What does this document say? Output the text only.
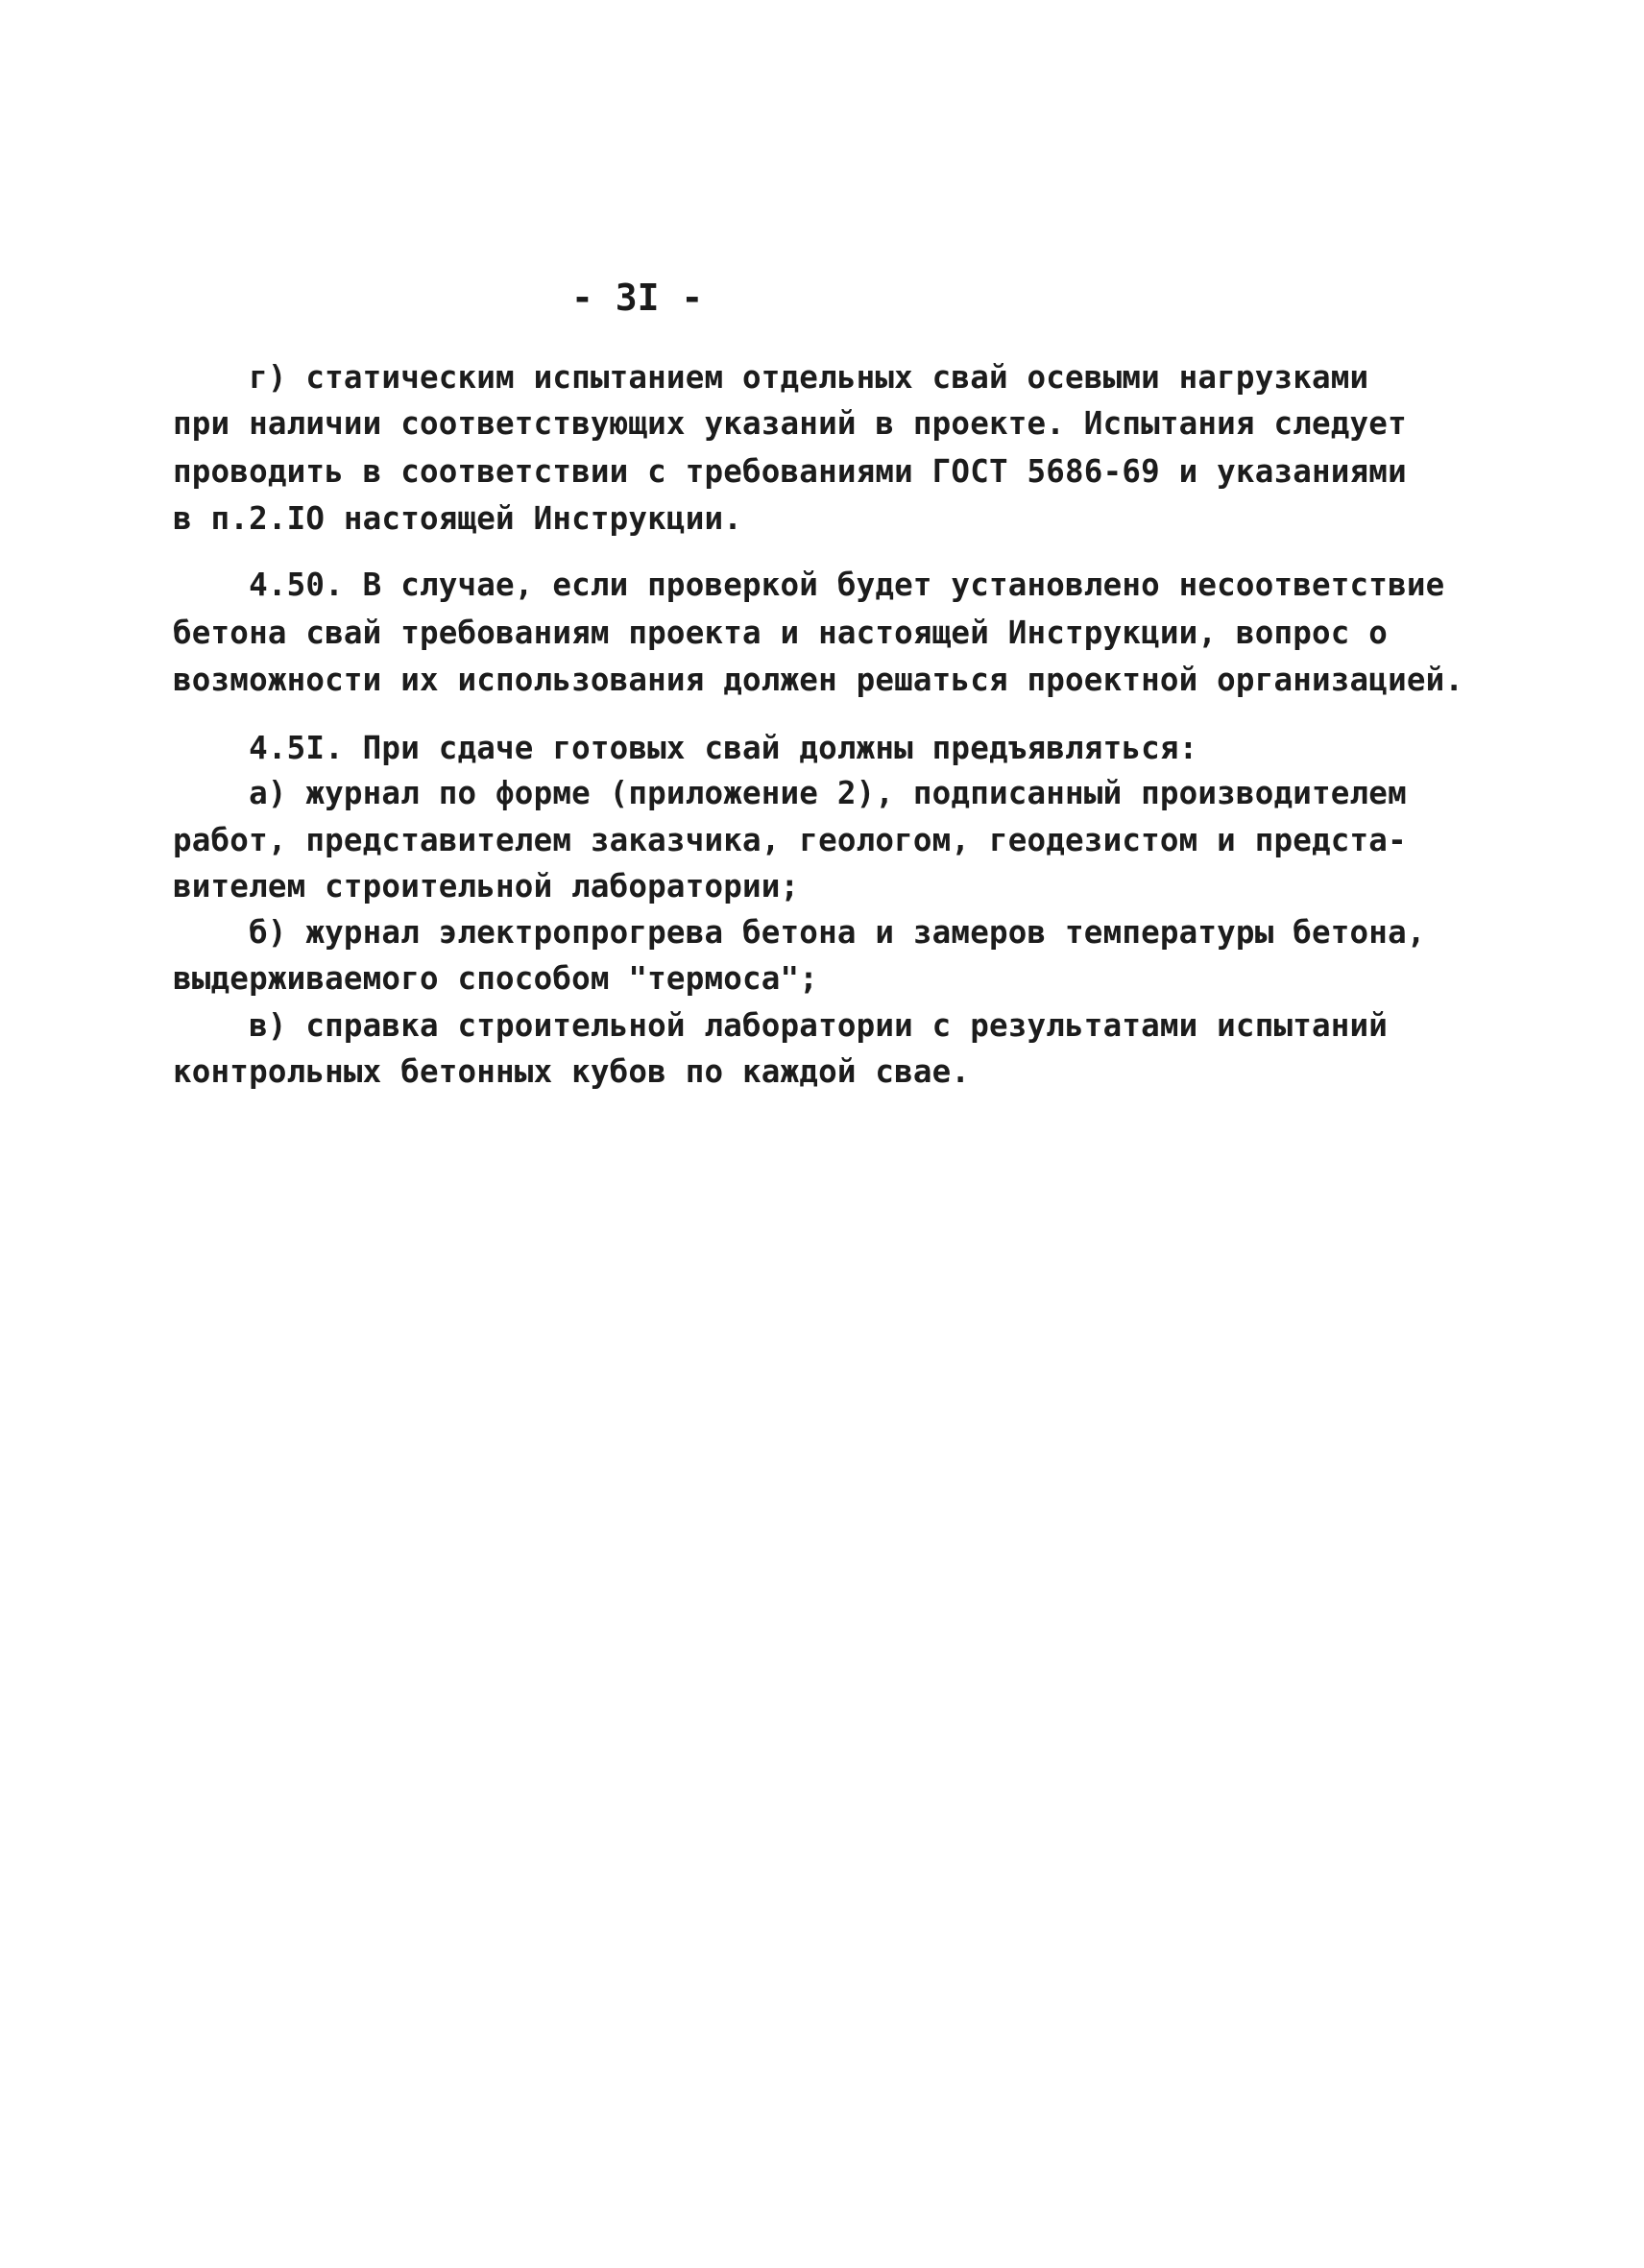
- 3I -
г) статическим испытанием отдельных свай осевыми нагрузками
при наличии соответствующих указаний в проекте. Испытания следует
проводить в соответствии с требованиями ГОСТ 5686-69 и указаниями
в п.2.IO настоящей Инструкции.
4.50. В случае, если проверкой будет установлено несоответствие
бетона свай требованиям проекта и настоящей Инструкции, вопрос о
возможности их использования должен решаться проектной организацией.
4.5I. При сдаче готовых свай должны предъявляться:
а) журнал по форме (приложение 2), подписанный производителем
работ, представителем заказчика, геологом, геодезистом и предста-
вителем строительной лаборатории;
б) журнал электропрогрева бетона и замеров температуры бетона,
выдерживаемого способом "термоса";
в) справка строительной лаборатории с результатами испытаний
контрольных бетонных кубов по каждой свае.
